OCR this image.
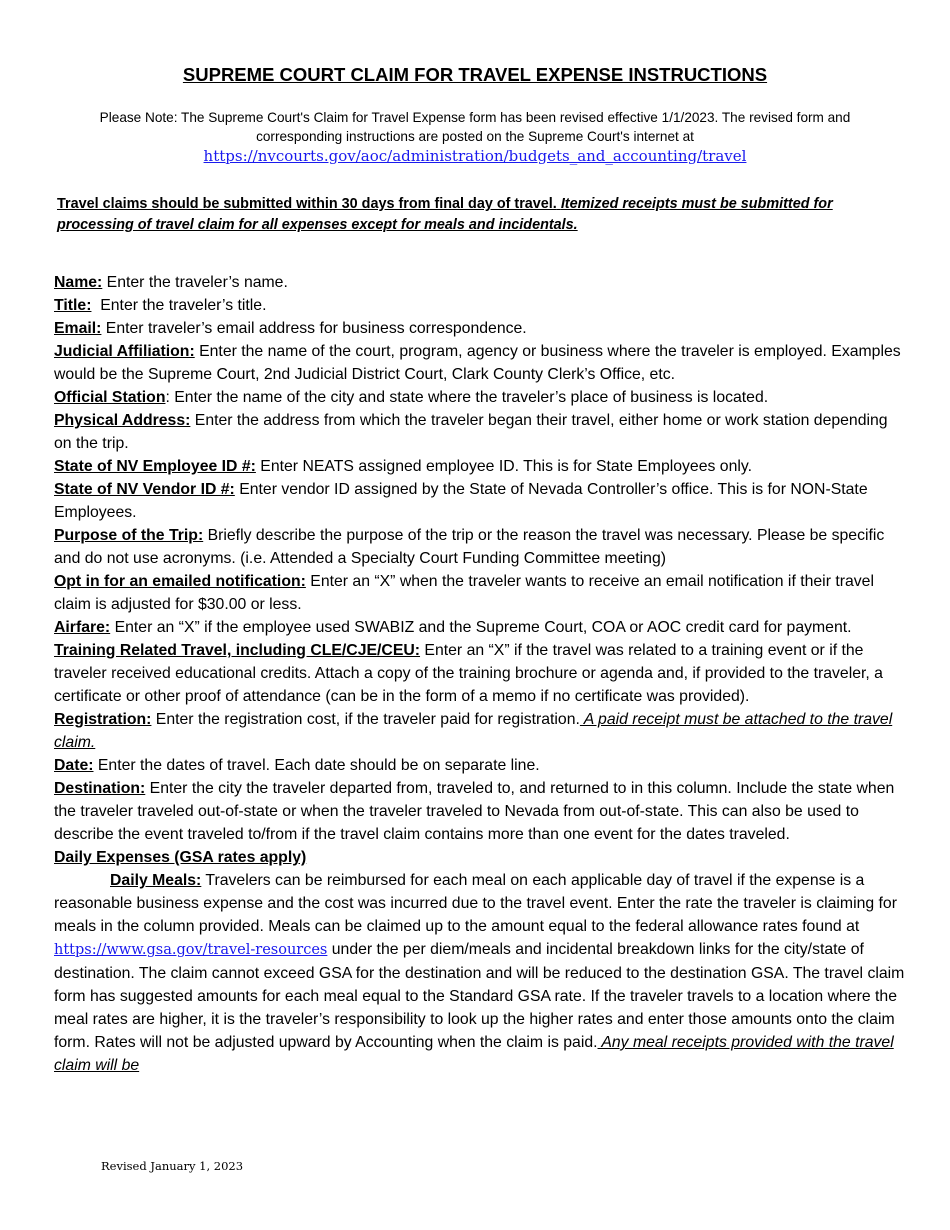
SUPREME COURT CLAIM FOR TRAVEL EXPENSE INSTRUCTIONS
Please Note: The Supreme Court's Claim for Travel Expense form has been revised effective 1/1/2023. The revised form and corresponding instructions are posted on the Supreme Court's internet at
https://nvcourts.gov/aoc/administration/budgets_and_accounting/travel
Travel claims should be submitted within 30 days from final day of travel. Itemized receipts must be submitted for processing of travel claim for all expenses except for meals and incidentals.

Name: Enter the traveler’s name.

Title:  Enter the traveler’s title.

Email: Enter traveler’s email address for business correspondence.

Judicial Affiliation: Enter the name of the court, program, agency or business where the traveler is employed. Examples would be the Supreme Court, 2nd Judicial District Court, Clark County Clerk’s Office, etc.

Official Station: Enter the name of the city and state where the traveler’s place of business is located.

Physical Address: Enter the address from which the traveler began their travel, either home or work station depending on the trip.

State of NV Employee ID #: Enter NEATS assigned employee ID. This is for State Employees only.

State of NV Vendor ID #: Enter vendor ID assigned by the State of Nevada Controller’s office. This is for NON-State Employees.

Purpose of the Trip: Briefly describe the purpose of the trip or the reason the travel was necessary. Please be specific and do not use acronyms. (i.e. Attended a Specialty Court Funding Committee meeting)

Opt in for an emailed notification: Enter an “X” when the traveler wants to receive an email notification if their travel claim is adjusted for $30.00 or less.

Airfare: Enter an “X” if the employee used SWABIZ and the Supreme Court, COA or AOC credit card for payment.

Training Related Travel, including CLE/CJE/CEU: Enter an “X” if the travel was related to a training event or if the traveler received educational credits. Attach a copy of the training brochure or agenda and, if provided to the traveler, a certificate or other proof of attendance (can be in the form of a memo if no certificate was provided).

Registration: Enter the registration cost, if the traveler paid for registration. A paid receipt must be attached to the travel claim.

Date: Enter the dates of travel. Each date should be on separate line.

Destination: Enter the city the traveler departed from, traveled to, and returned to in this column. Include the state when the traveler traveled out-of-state or when the traveler traveled to Nevada from out-of-state. This can also be used to describe the event traveled to/from if the travel claim contains more than one event for the dates traveled.

Daily Expenses (GSA rates apply)

Daily Meals: Travelers can be reimbursed for each meal on each applicable day of travel if the expense is a reasonable business expense and the cost was incurred due to the travel event. Enter the rate the traveler is claiming for meals in the column provided. Meals can be claimed up to the amount equal to the federal allowance rates found at https://www.gsa.gov/travel-resources under the per diem/meals and incidental breakdown links for the city/state of destination. The claim cannot exceed GSA for the destination and will be reduced to the destination GSA. The travel claim form has suggested amounts for each meal equal to the Standard GSA rate. If the traveler travels to a location where the meal rates are higher, it is the traveler’s responsibility to look up the higher rates and enter those amounts onto the claim form. Rates will not be adjusted upward by Accounting when the claim is paid. Any meal receipts provided with the travel claim will be

Revised January 1, 2023
